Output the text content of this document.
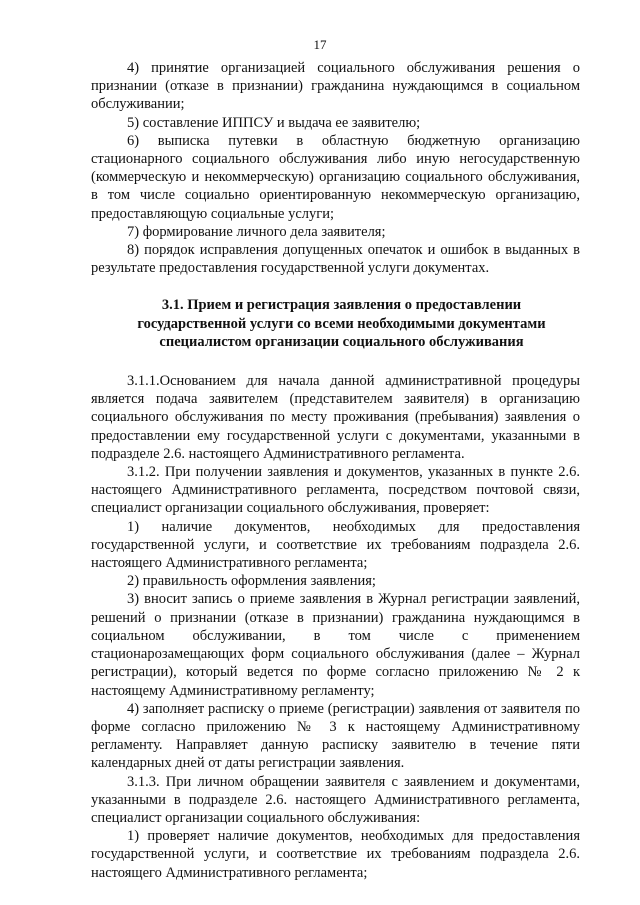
17

4) принятие организацией социального обслуживания решения о признании (отказе в признании) гражданина нуждающимся в социальном обслуживании;

5) составление ИППСУ и выдача ее заявителю;

6) выписка путевки в областную бюджетную организацию стационарного социального обслуживания либо иную негосударственную (коммерческую и некоммерческую) организацию социального обслуживания, в том числе социально ориентированную некоммерческую организацию, предоставляющую социальные услуги;

7) формирование личного дела заявителя;

8) порядок исправления допущенных опечаток и ошибок в выданных в результате предоставления государственной услуги документах.

3.1. Прием и регистрация заявления о предоставлении государственной услуги со всеми необходимыми документами специалистом организации социального обслуживания

3.1.1.Основанием для начала данной административной процедуры является подача заявителем (представителем заявителя) в организацию социального обслуживания по месту проживания (пребывания) заявления о предоставлении ему государственной услуги с документами, указанными в подразделе 2.6. настоящего Административного регламента.

3.1.2. При получении заявления и документов, указанных в пункте 2.6. настоящего Административного регламента, посредством почтовой связи, специалист организации социального обслуживания, проверяет:

1) наличие документов, необходимых для предоставления государственной услуги, и соответствие их требованиям подраздела 2.6. настоящего Административного регламента;

2) правильность оформления заявления;

3) вносит запись о приеме заявления в Журнал регистрации заявлений, решений о признании (отказе в признании) гражданина нуждающимся в социальном обслуживании, в том числе с применением стационарозамещающих форм социального обслуживания (далее – Журнал регистрации), который ведется по форме согласно приложению № 2 к настоящему Административному регламенту;

4) заполняет расписку о приеме (регистрации) заявления от заявителя по форме согласно приложению № 3 к настоящему Административному регламенту. Направляет данную расписку заявителю в течение пяти календарных дней от даты регистрации заявления.

3.1.3. При личном обращении заявителя с заявлением и документами, указанными в подразделе 2.6. настоящего Административного регламента, специалист организации социального обслуживания:

1) проверяет наличие документов, необходимых для предоставления государственной услуги, и соответствие их требованиям подраздела 2.6. настоящего Административного регламента;
